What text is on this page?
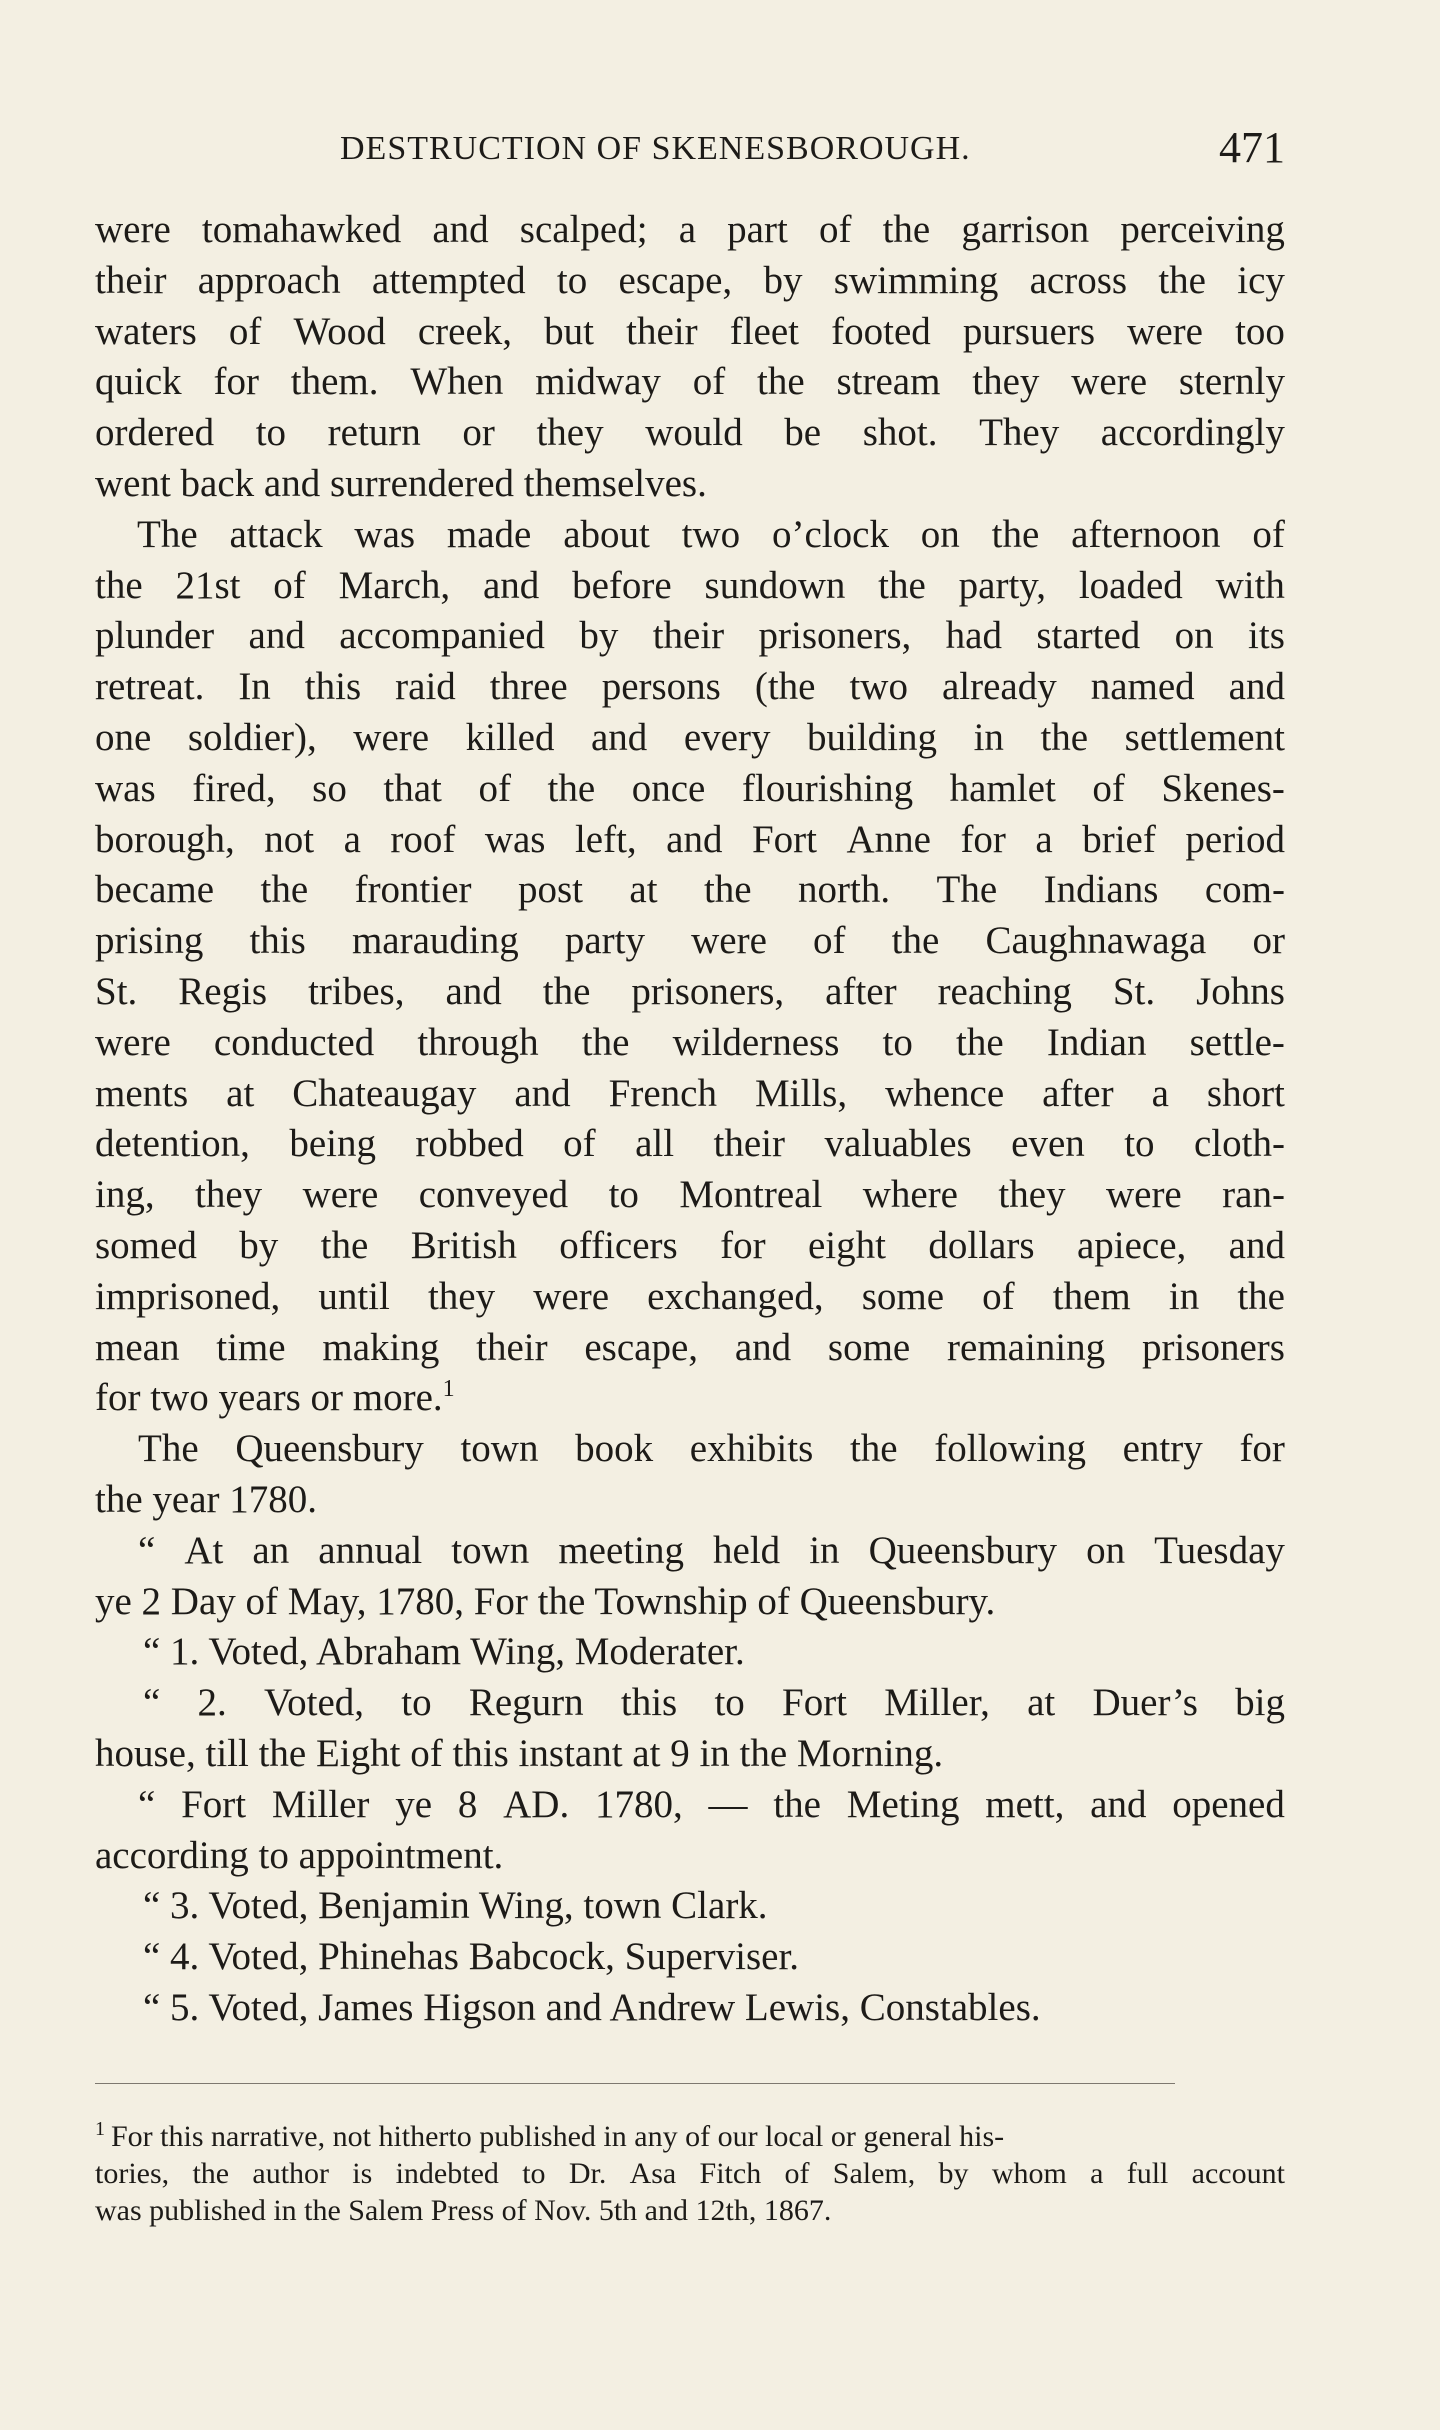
DESTRUCTION OF SKENESBOROUGH.	471
were tomahawked and scalped; a part of the garrison perceiving
their approach attempted to escape, by swimming across the icy
waters of Wood creek, but their fleet footed pursuers were too
quick for them. When midway of the stream they were sternly
ordered to return or they would be shot. They accordingly
went back and surrendered themselves.
The attack was made about two o’clock on the afternoon of
the 21st of March, and before sundown the party, loaded with
plunder and accompanied by their prisoners, had started on its
retreat. In this raid three persons (the two already named and
one soldier), were killed and every building in the settlement
was fired, so that of the once flourishing hamlet of Skenes-
borough, not a roof was left, and Fort Anne for a brief period
became the frontier post at the north. The Indians com-
prising this marauding party were of the Caughnawaga or
St. Regis tribes, and the prisoners, after reaching St. Johns
were conducted through the wilderness to the Indian settle-
ments at Chateaugay and French Mills, whence after a short
detention, being robbed of all their valuables even to cloth-
ing, they were conveyed to Montreal where they were ran-
somed by the British officers for eight dollars apiece, and
imprisoned, until they were exchanged, some of them in the
mean time making their escape, and some remaining prisoners
for two years or more.$^1$
The Queensbury town book exhibits the following entry for
the year 1780.
“ At an annual town meeting held in Queensbury on Tuesday
ye 2 Day of May, 1780, For the Township of Queensbury.
“ 1. Voted, Abraham Wing, Moderater.
“ 2. Voted, to Regurn this to Fort Miller, at Duer’s big
house, till the Eight of this instant at 9 in the Morning.
“ Fort Miller ye 8 AD. 1780, — the Meting mett, and opened
according to appointment.
“ 3. Voted, Benjamin Wing, town Clark.
“ 4. Voted, Phinehas Babcock, Superviser.
“ 5. Voted, James Higson and Andrew Lewis, Constables.
1 For this narrative, not hitherto published in any of our local or general his-
tories, the author is indebted to Dr. Asa Fitch of Salem, by whom a full account
was published in the Salem Press of Nov. 5th and 12th, 1867.
